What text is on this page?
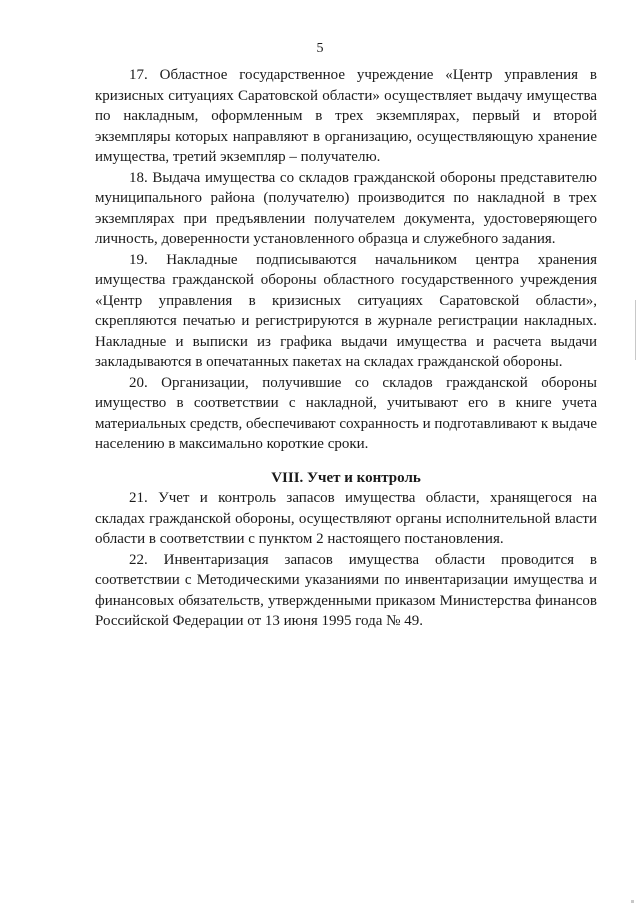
5

17. Областное государственное учреждение «Центр управления в кризисных ситуациях Саратовской области» осуществляет выдачу имущества по накладным, оформленным в трех экземплярах, первый и второй экземпляры которых направляют в организацию, осуществляющую хранение имущества, третий экземпляр – получателю.

18. Выдача имущества со складов гражданской обороны представителю муниципального района (получателю) производится по накладной в трех экземплярах при предъявлении получателем документа, удостоверяющего личность, доверенности установленного образца и служебного задания.

19. Накладные подписываются начальником центра хранения имущества гражданской обороны областного государственного учреждения «Центр управления в кризисных ситуациях Саратовской области», скрепляются печатью и регистрируются в журнале регистрации накладных. Накладные и выписки из графика выдачи имущества и расчета выдачи закладываются в опечатанных пакетах на складах гражданской обороны.

20. Организации, получившие со складов гражданской обороны имущество в соответствии с накладной, учитывают его в книге учета материальных средств, обеспечивают сохранность и подготавливают к выдаче населению в максимально короткие сроки.

VIII. Учет и контроль

21. Учет и контроль запасов имущества области, хранящегося на складах гражданской обороны, осуществляют органы исполнительной власти области в соответствии с пунктом 2 настоящего постановления.

22. Инвентаризация запасов имущества области проводится в соответствии с Методическими указаниями по инвентаризации имущества и финансовых обязательств, утвержденными приказом Министерства финансов Российской Федерации от 13 июня 1995 года № 49.
